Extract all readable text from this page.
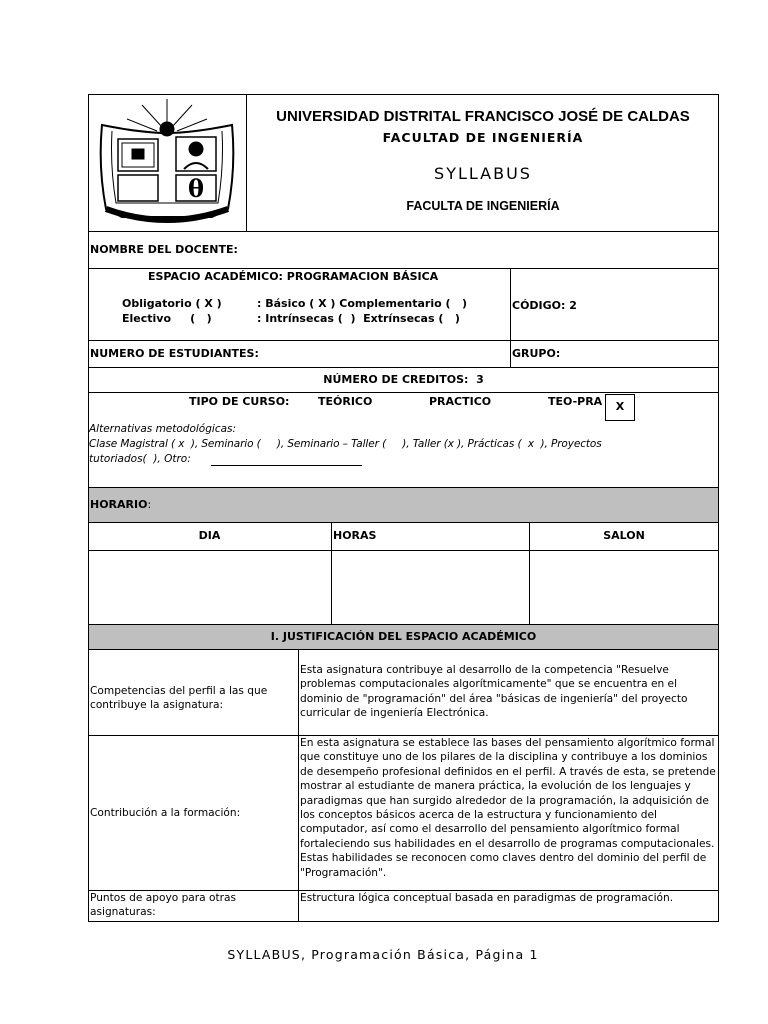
θ
UNIVERSIDAD DISTRITAL FRANCISCO JOSÉ DE CALDAS
FACULTAD DE INGENIERÍA
SYLLABUS
FACULTA DE INGENIERÍA
NOMBRE DEL DOCENTE:
ESPACIO ACADÉMICO: PROGRAMACION BÁSICA
Obligatorio ( X )	: Básico ( X ) Complementario (   )
Electivo     (   )	: Intrínsecas (  )  Extrínsecas (   )
CÓDIGO: 2
NUMERO DE ESTUDIANTES:	GRUPO:
NÚMERO DE CREDITOS:  3
TIPO DE CURSO:	TEÓRICO	PRACTICO	TEO-PRA	X
Alternativas metodológicas:
Clase Magistral ( x  ), Seminario (     ), Seminario – Taller (     ), Taller (x ), Prácticas (  x  ), Proyectos
tutoriados(  ), Otro:
HORARIO:
DIA	HORAS	SALON
I. JUSTIFICACIÓN DEL ESPACIO ACADÉMICO
Competencias del perfil a las que contribuye la asignatura:
Esta asignatura contribuye al desarrollo de la competencia "Resuelve problemas computacionales algorítmicamente" que se encuentra en el dominio de "programación" del área "básicas de ingeniería" del proyecto curricular de ingeniería Electrónica.
Contribución a la formación:
En esta asignatura se establece las bases del pensamiento algorítmico formal que constituye uno de los pilares de la disciplina y contribuye a los dominios de desempeño profesional definidos en el perfil. A través de esta, se pretende mostrar al estudiante de manera práctica, la evolución de los lenguajes y paradigmas que han surgido alrededor de la programación, la adquisición de los conceptos básicos acerca de la estructura y funcionamiento del computador, así como el desarrollo del pensamiento algorítmico formal fortaleciendo sus habilidades en el desarrollo de programas computacionales. Estas habilidades se reconocen como claves dentro del dominio del perfil de "Programación".
Puntos de apoyo para otras asignaturas:
Estructura lógica conceptual basada en paradigmas de programación.
SYLLABUS, Programación Básica, Página 1
